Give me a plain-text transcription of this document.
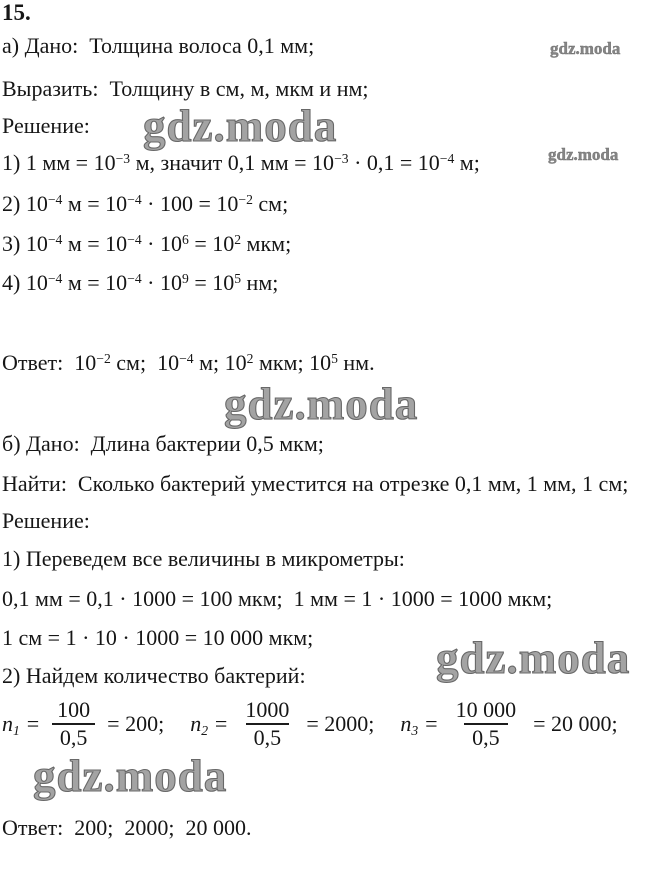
gdz.moda
gdz.moda
gdz.moda
gdz.moda
gdz.moda
gdz.moda
15.
а) Дано:  Толщина волоса 0,1 мм;
Выразить:  Толщину в см, м, мкм и нм;
Решение:
1) 1 мм = $10^{-3}$ м, значит 0,1 мм = $10^{-3} \cdot 0,1 = 10^{-4}$ м;
2) $10^{-4}$ $м = 10^{-4} \cdot 100 = 10^{-2}$ см;
3) $10^{-4}$ $м = 10^{-4} \cdot 10^6 = 10^2$ мкм;
4) $10^{-4}$ $м = 10^{-4} \cdot 10^9 = 10^5$ нм;
Ответ:  $10^{-2}$ см;  $10^{-4}$ м; $10^2$ мкм; $10^5$ нм.
б) Дано:  Длина бактерии 0,5 мкм;
Найти:  Сколько бактерий уместится на отрезке 0,1 мм, 1 мм, 1 см;
Решение:
1) Переведем все величины в микрометры:
0,1 мм = 0,1 · 1000 = 100 мкм;  1 мм = 1 · 1000 = 1000 мкм;
1 см = 1 · 10 · 1000 = 10 000 мкм;
2) Найдем количество бактерий:
$n_1 = \frac{100}{0,5} = 200$; $n_2 = \frac{1000}{0,5} = 2000$; $n_3 = \frac{10 000}{0,5} = 20$ 000;
Ответ:  200;  2000;  20 000.
